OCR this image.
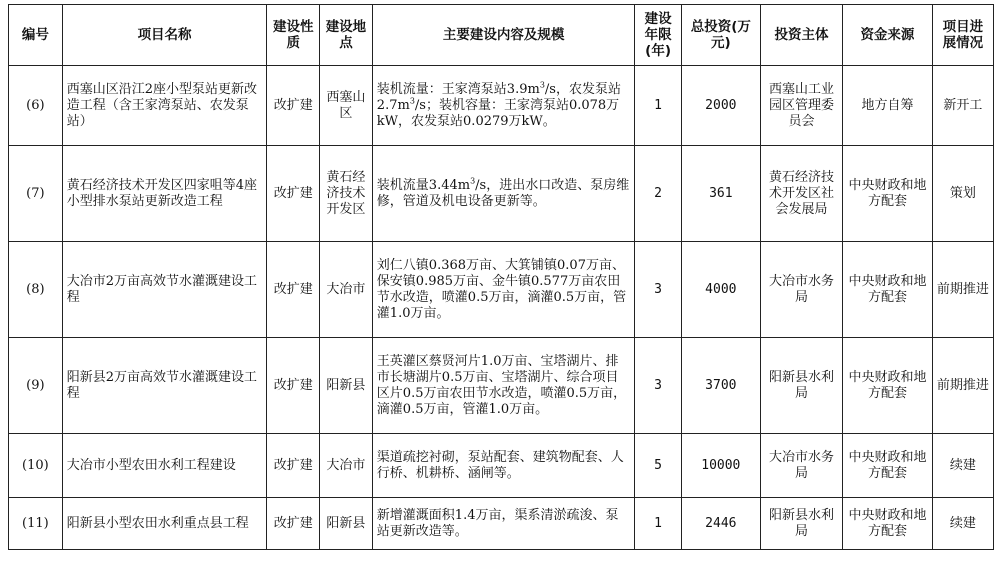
编号	项目名称	建设性质	建设地点	主要建设内容及规模	建设年限(年)	总投资(万元)	投资主体	资金来源	项目进展情况
(6)	西塞山区沿江2座小型泵站更新改造工程（含王家湾泵站、农发泵站）	改扩建	西塞山区	装机流量：王家湾泵站$3.9m^3/s$，农发泵站$2.7m^3/s$；装机容量：王家湾泵站0.078万kW，农发泵站0.0279万kW。	1	2000	西塞山工业园区管理委员会	地方自筹	新开工
(7)	黄石经济技术开发区四家咀等4座小型排水泵站更新改造工程	改扩建	黄石经济技术开发区	装机流量$3.44m^3/s$，进出水口改造、泵房维修，管道及机电设备更新等。	2	361	黄石经济技术开发区社会发展局	中央财政和地方配套	策划
(8)	大冶市2万亩高效节水灌溉建设工程	改扩建	大冶市	刘仁八镇0.368万亩、大箕铺镇0.07万亩、保安镇0.985万亩、金牛镇0.577万亩农田节水改造，喷灌0.5万亩，滴灌0.5万亩，管灌1.0万亩。	3	4000	大冶市水务局	中央财政和地方配套	前期推进
(9)	阳新县2万亩高效节水灌溉建设工程	改扩建	阳新县	王英灌区蔡贤河片1.0万亩、宝塔湖片、排市长塘湖片0.5万亩、宝塔湖片、综合项目区片0.5万亩农田节水改造，喷灌0.5万亩，滴灌0.5万亩，管灌1.0万亩。	3	3700	阳新县水利局	中央财政和地方配套	前期推进
(10)	大冶市小型农田水利工程建设	改扩建	大冶市	渠道疏挖衬砌，泵站配套、建筑物配套、人行桥、机耕桥、涵闸等。	5	10000	大冶市水务局	中央财政和地方配套	续建
(11)	阳新县小型农田水利重点县工程	改扩建	阳新县	新增灌溉面积1.4万亩，渠系清淤疏浚、泵站更新改造等。	1	2446	阳新县水利局	中央财政和地方配套	续建
